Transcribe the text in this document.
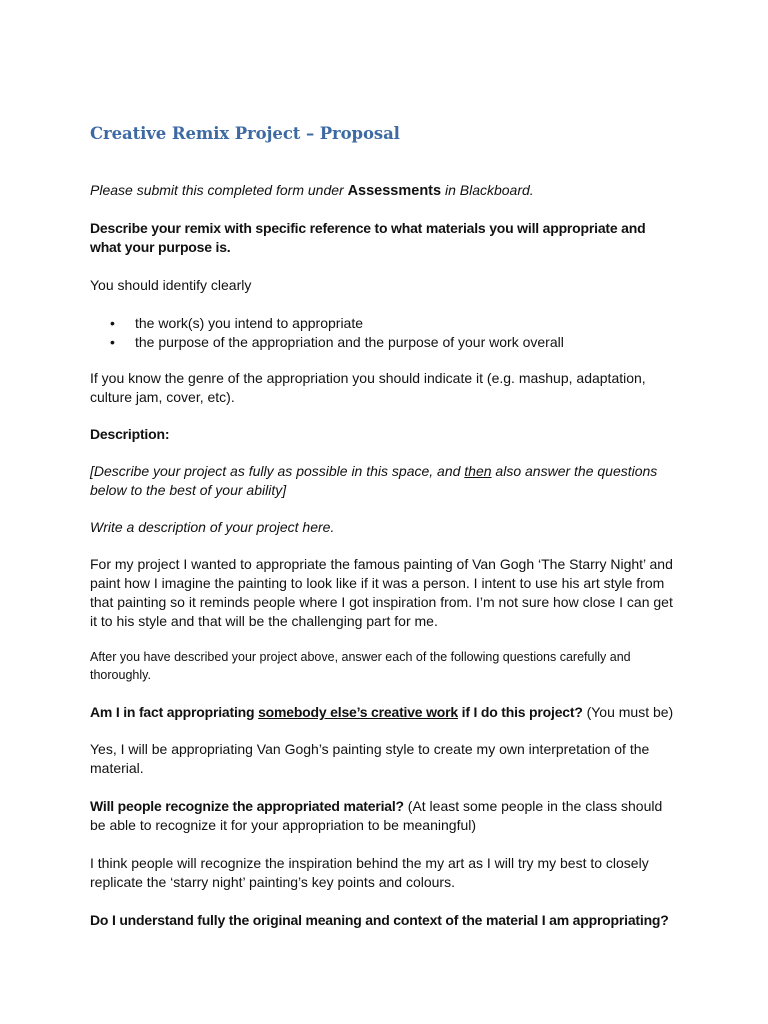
Creative Remix Project – Proposal

Please submit this completed form under Assessments in Blackboard.

Describe your remix with specific reference to what materials you will appropriate and what your purpose is.

You should identify clearly

• the work(s) you intend to appropriate
• the purpose of the appropriation and the purpose of your work overall

If you know the genre of the appropriation you should indicate it (e.g. mashup, adaptation, culture jam, cover, etc).

Description:

[Describe your project as fully as possible in this space, and then also answer the questions below to the best of your ability]

Write a description of your project here.

For my project I wanted to appropriate the famous painting of Van Gogh ‘The Starry Night’ and paint how I imagine the painting to look like if it was a person. I intent to use his art style from that painting so it reminds people where I got inspiration from. I’m not sure how close I can get it to his style and that will be the challenging part for me.

After you have described your project above, answer each of the following questions carefully and thoroughly.

Am I in fact appropriating somebody else’s creative work if I do this project? (You must be)

Yes, I will be appropriating Van Gogh’s painting style to create my own interpretation of the material.

Will people recognize the appropriated material? (At least some people in the class should be able to recognize it for your appropriation to be meaningful)

I think people will recognize the inspiration behind the my art as I will try my best to closely replicate the ‘starry night’ painting’s key points and colours.

Do I understand fully the original meaning and context of the material I am appropriating?
